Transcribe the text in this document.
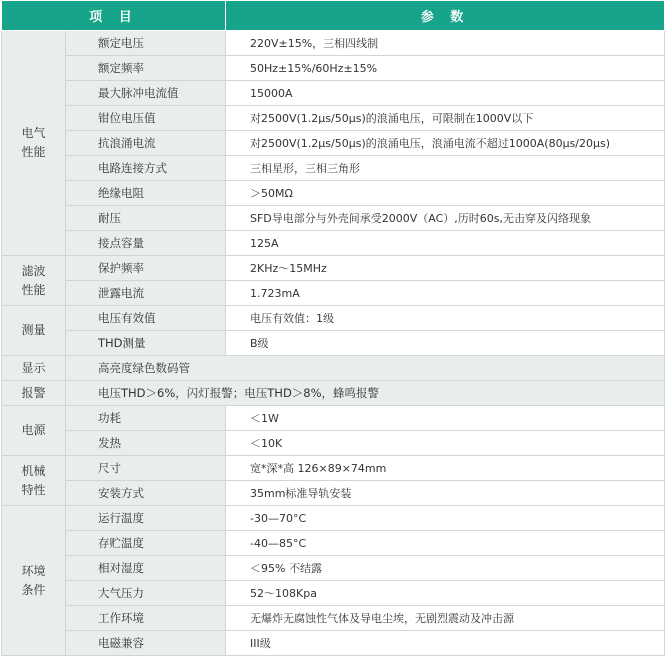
项 目		参 数
电气
性能	额定电压	220V±15%，三相四线制
	额定频率	50Hz±15%/60Hz±15%
	最大脉冲电流值	15000A
	钳位电压值	对2500V(1.2μs/50μs)的浪涌电压，可限制在1000V以下
	抗浪涌电流	对2500V(1.2μs/50μs)的浪涌电压，浪涌电流不超过1000A(80μs/20μs)
	电路连接方式	三相星形，三相三角形
	绝缘电阻	＞50MΩ
	耐压	SFD导电部分与外壳间承受2000V（AC）,历时60s,无击穿及闪络现象
	接点容量	125A
滤波
性能	保护频率	2KHz～15MHz
	泄露电流	1.723mA
测量	电压有效值	电压有效值：1级
	THD测量	B级
显示	高亮度绿色数码管	
报警	电压THD＞6%，闪灯报警；电压THD＞8%，蜂鸣报警	
电源	功耗	＜1W
	发热	＜10K
机械
特性	尺寸	宽*深*高 126×89×74mm
	安装方式	35mm标准导轨安装
环境
条件	运行温度	-30—70°C
	存贮温度	-40—85°C
	相对湿度	＜95% 不结露
	大气压力	52～108Kpa
	工作环境	无爆炸无腐蚀性气体及导电尘埃，无剧烈震动及冲击源
	电磁兼容	III级
